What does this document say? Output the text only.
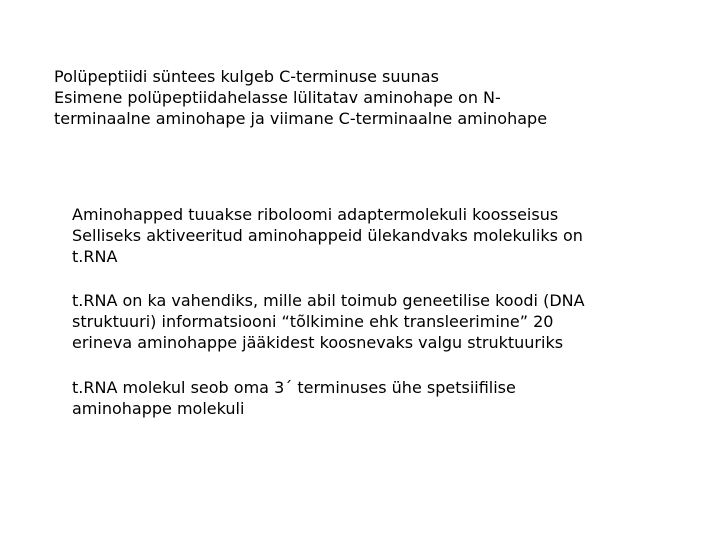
Polüpeptiidi süntees kulgeb C-terminuse suunas
Esimene polüpeptiidahelasse lülitatav aminohape on N-
terminaalne aminohape ja viimane C-terminaalne aminohape
Aminohapped tuuakse riboloomi adaptermolekuli koosseisus
Selliseks aktiveeritud aminohappeid ülekandvaks molekuliks on
t.RNA
t.RNA on ka vahendiks, mille abil toimub geneetilise koodi (DNA
struktuuri) informatsiooni “tõlkimine ehk transleerimine” 20
erineva aminohappe jääkidest koosnevaks valgu struktuuriks
t.RNA molekul seob oma 3´ terminuses ühe spetsiifilise
aminohappe molekuli
